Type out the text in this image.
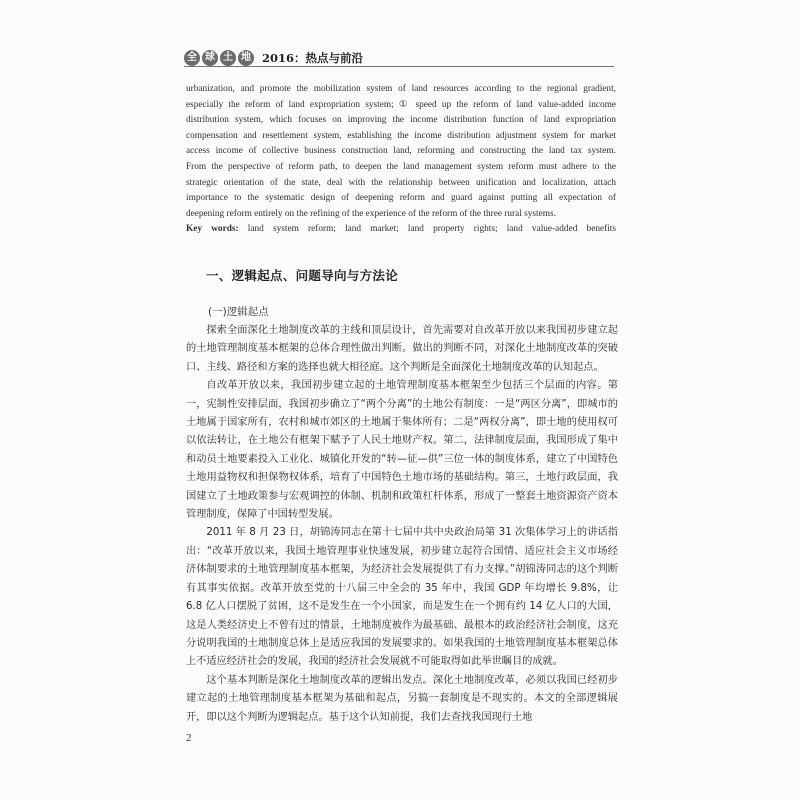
全 球 土 地 2016：热点与前沿

urbanization, and promote the mobilization system of land resources according to the regional gradient,

especially the reform of land expropriation system; ① speed up the reform of land value-added income

distribution system, which focuses on improving the income distribution function of land expropriation

compensation and resettlement system, establishing the income distribution adjustment system for market

access income of collective business construction land, reforming and constructing the land tax system.

From the perspective of reform path, to deepen the land management system reform must adhere to the

strategic orientation of the state, deal with the relationship between unification and localization, attach

importance to the systematic design of deepening reform and guard against putting all expectation of

deepening reform entirely on the refining of the experience of the reform of the three rural systems.

Key words: land system reform; land market; land property rights; land value-added benefits

一、逻辑起点、问题导向与方法论
(一)逻辑起点

探索全面深化土地制度改革的主线和顶层设计，首先需要对自改革开放以来我国初步建立起的土地管理制度基本框架的总体合理性做出判断。做出的判断不同，对深化土地制度改革的突破口、主线、路径和方案的选择也就大相径庭。这个判断是全面深化土地制度改革的认知起点。

自改革开放以来，我国初步建立起的土地管理制度基本框架至少包括三个层面的内容。第一，宪制性安排层面，我国初步确立了“两个分离”的土地公有制度：一是“两区分离”，即城市的土地属于国家所有，农村和城市郊区的土地属于集体所有；二是“两权分离”，即土地的使用权可以依法转让，在土地公有框架下赋予了人民土地财产权。第二，法律制度层面，我国形成了集中和动员土地要素投入工业化、城镇化开发的“转—征—供”三位一体的制度体系，建立了中国特色土地用益物权和担保物权体系，培育了中国特色土地市场的基础结构。第三，土地行政层面，我国建立了土地政策参与宏观调控的体制、机制和政策杠杆体系，形成了一整套土地资源资产资本管理制度，保障了中国转型发展。

2011 年 8 月 23 日，胡锦涛同志在第十七届中共中央政治局第 31 次集体学习上的讲话指出：“改革开放以来，我国土地管理事业快速发展，初步建立起符合国情、适应社会主义市场经济体制要求的土地管理制度基本框架，为经济社会发展提供了有力支撑。”胡锦涛同志的这个判断有其事实依据。改革开放至党的十八届三中全会的 35 年中，我国 GDP 年均增长 9.8%，让 6.8 亿人口摆脱了贫困，这不是发生在一个小国家，而是发生在一个拥有约 14 亿人口的大国，这是人类经济史上不曾有过的情景，土地制度被作为最基础、最根本的政治经济社会制度，这充分说明我国的土地制度总体上是适应我国的发展要求的。如果我国的土地管理制度基本框架总体上不适应经济社会的发展，我国的经济社会发展就不可能取得如此举世瞩目的成就。

这个基本判断是深化土地制度改革的逻辑出发点。深化土地制度改革，必须以我国已经初步建立起的土地管理制度基本框架为基础和起点，另搞一套制度是不现实的。本文的全部逻辑展开，即以这个判断为逻辑起点。基于这个认知前提，我们去查找我国现行土地

2
